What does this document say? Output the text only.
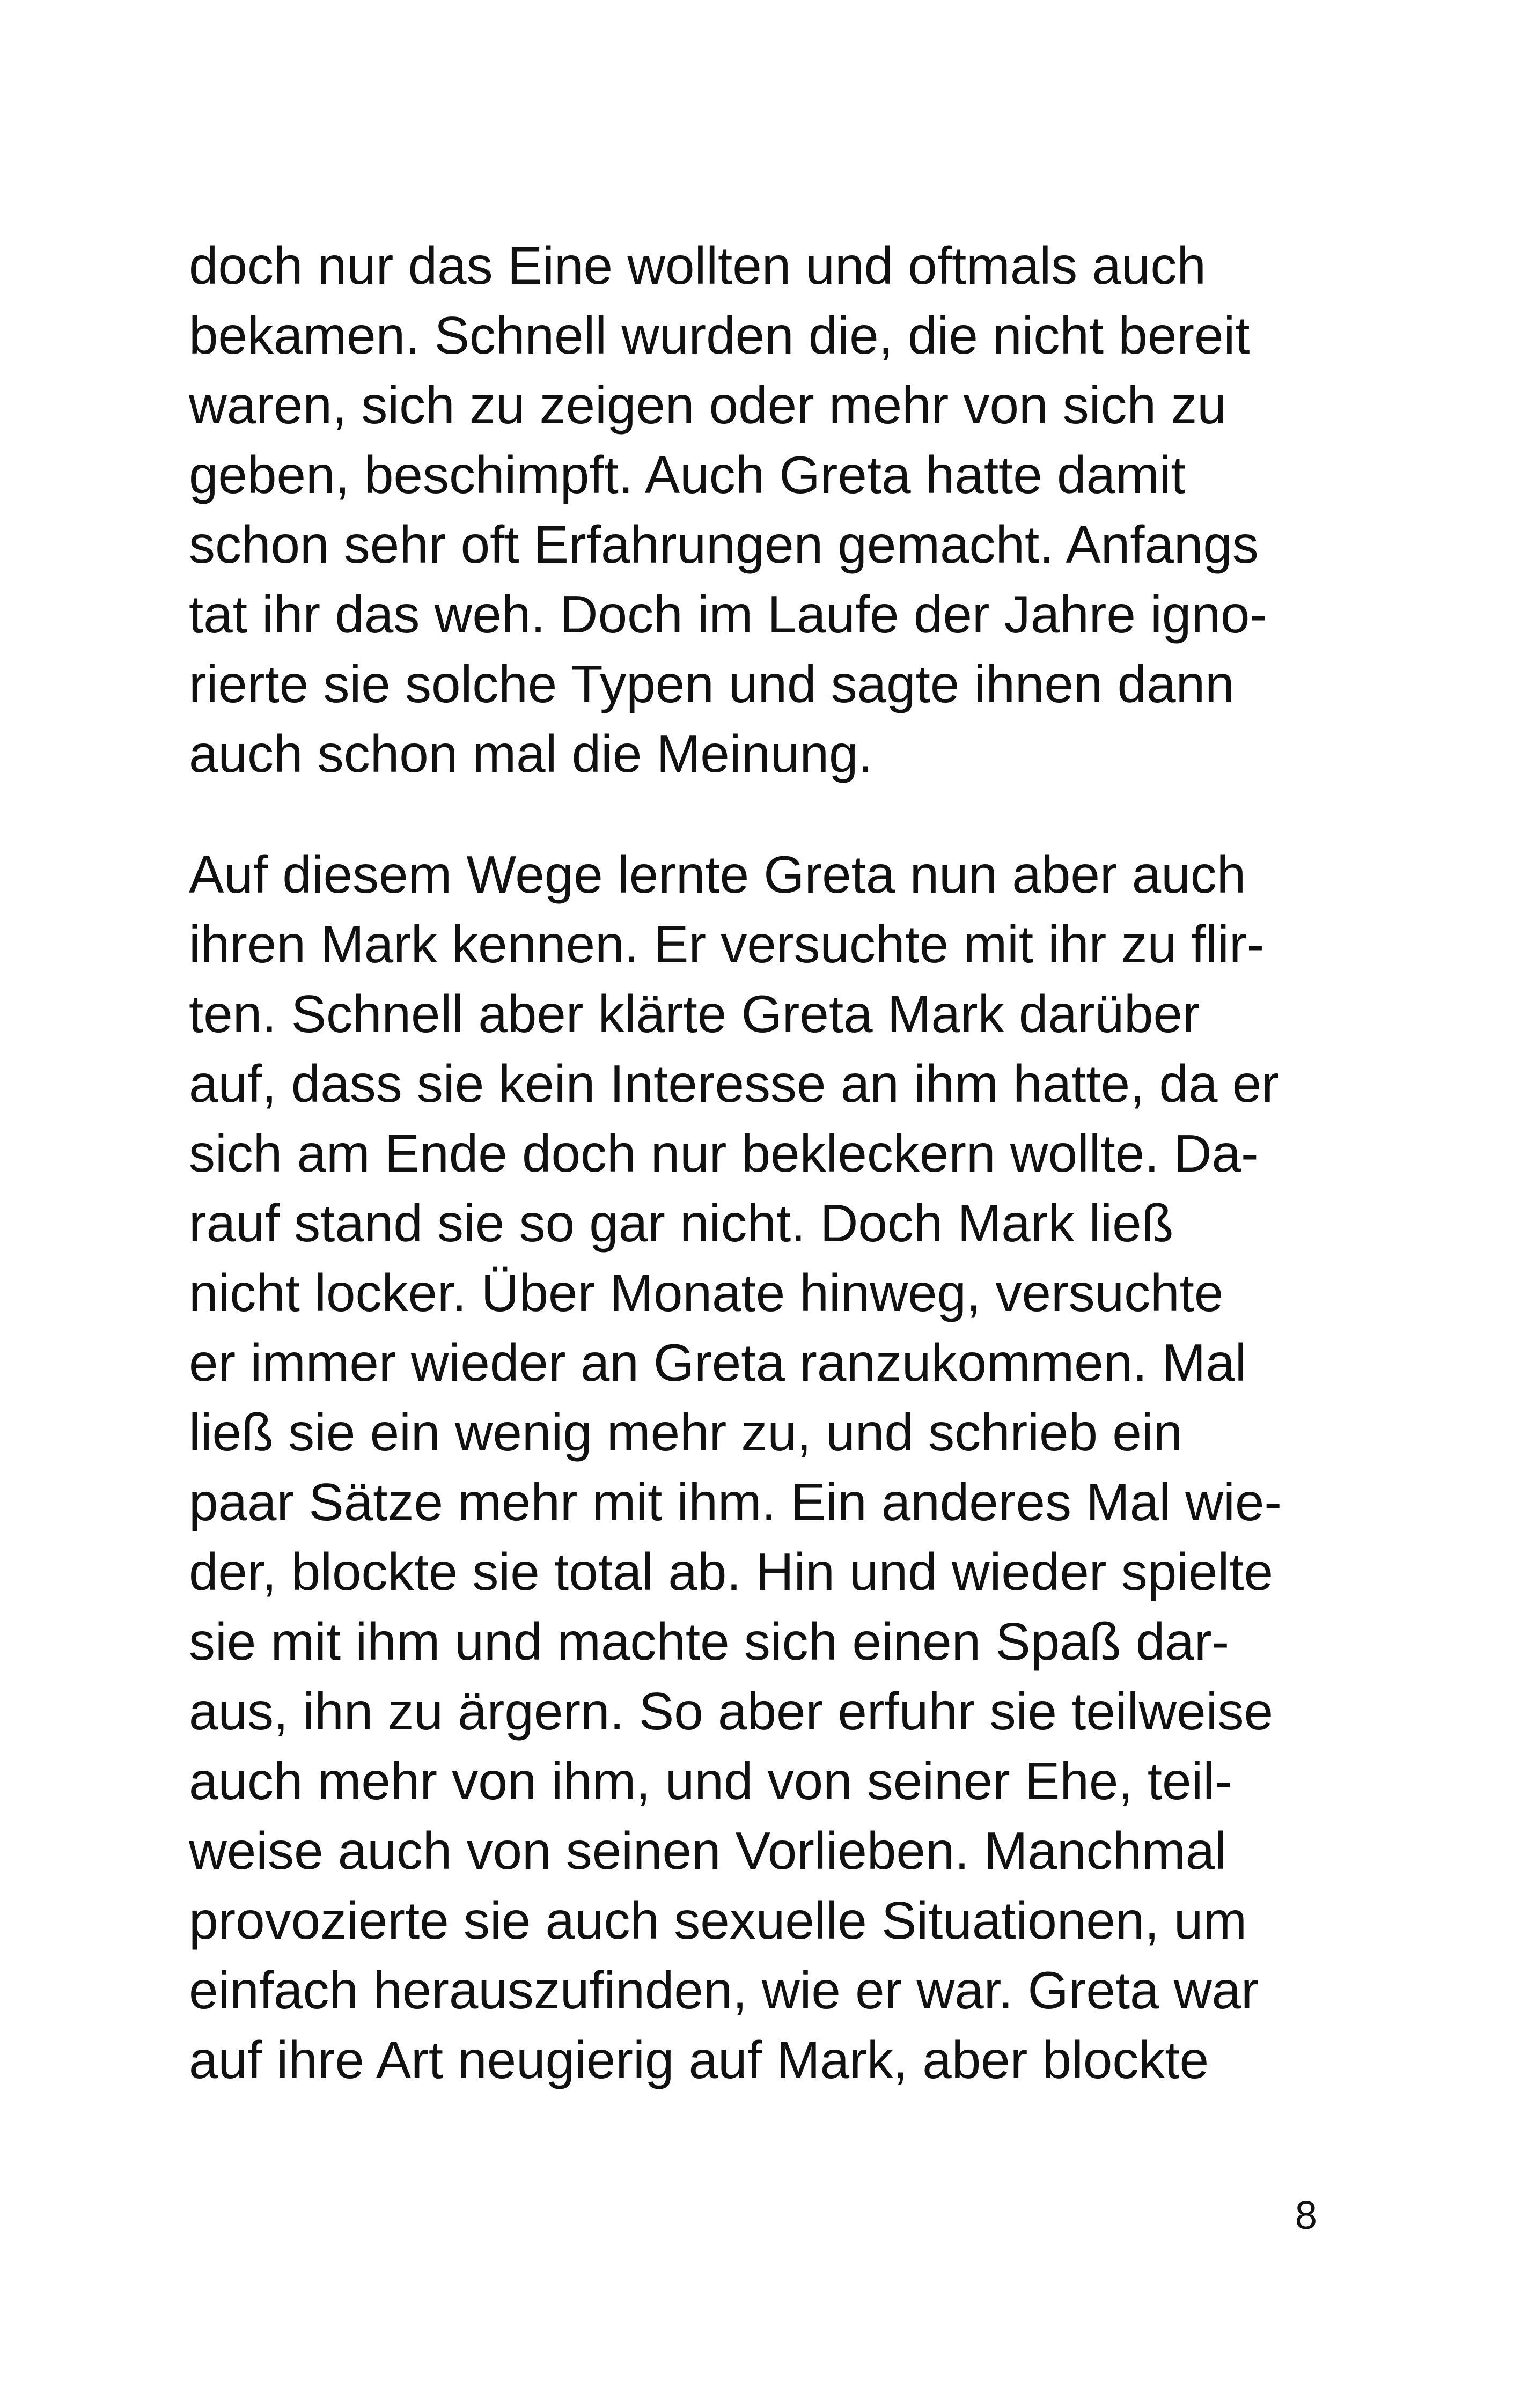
doch nur das Eine wollten und oftmals auch
bekamen. Schnell wurden die, die nicht bereit
waren, sich zu zeigen oder mehr von sich zu
geben, beschimpft. Auch Greta hatte damit
schon sehr oft Erfahrungen gemacht. Anfangs
tat ihr das weh. Doch im Laufe der Jahre igno-
rierte sie solche Typen und sagte ihnen dann
auch schon mal die Meinung.
Auf diesem Wege lernte Greta nun aber auch
ihren Mark kennen. Er versuchte mit ihr zu flir-
ten. Schnell aber klärte Greta Mark darüber
auf, dass sie kein Interesse an ihm hatte, da er
sich am Ende doch nur bekleckern wollte. Da-
rauf stand sie so gar nicht. Doch Mark ließ
nicht locker. Über Monate hinweg, versuchte
er immer wieder an Greta ranzukommen. Mal
ließ sie ein wenig mehr zu, und schrieb ein
paar Sätze mehr mit ihm. Ein anderes Mal wie-
der, blockte sie total ab. Hin und wieder spielte
sie mit ihm und machte sich einen Spaß dar-
aus, ihn zu ärgern. So aber erfuhr sie teilweise
auch mehr von ihm, und von seiner Ehe, teil-
weise auch von seinen Vorlieben. Manchmal
provozierte sie auch sexuelle Situationen, um
einfach herauszufinden, wie er war. Greta war
auf ihre Art neugierig auf Mark, aber blockte
8
